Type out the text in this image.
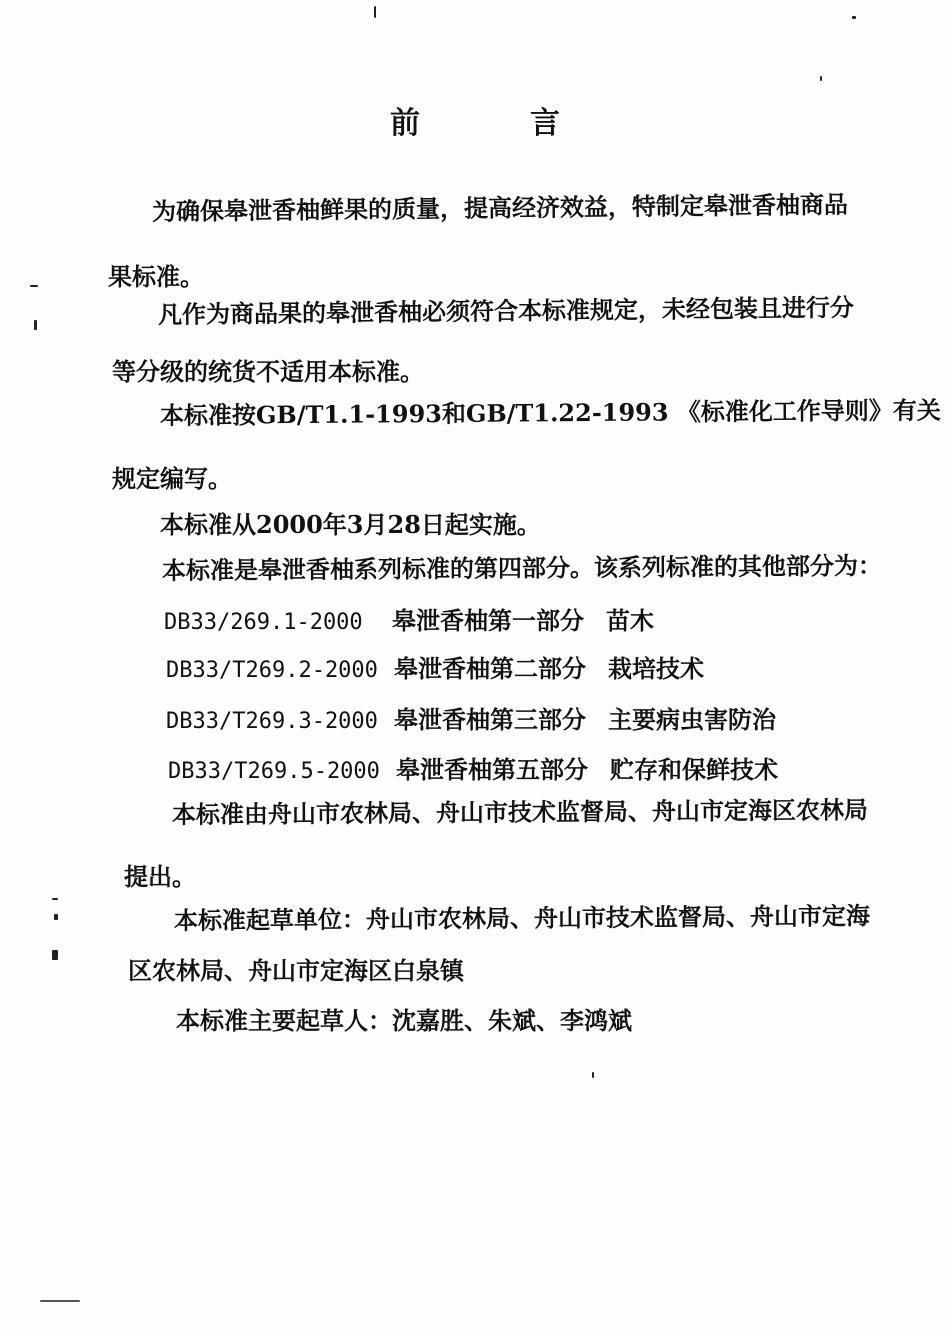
前	言
为确保皋泄香柚鲜果的质量，提高经济效益，特制定皋泄香柚商品
果标准。
凡作为商品果的皋泄香柚必须符合本标准规定，未经包装且进行分
等分级的统货不适用本标准。
本标准按GB/T1.1-1993和GB/T1.22-1993 《标准化工作导则》有关
规定编写。
本标准从2000年3月28日起实施。
本标准是皋泄香柚系列标准的第四部分。该系列标准的其他部分为：
DB33/269.1-2000 皋泄香柚第一部分 苗木
DB33/T269.2-2000 皋泄香柚第二部分 栽培技术
DB33/T269.3-2000 皋泄香柚第三部分 主要病虫害防治
DB33/T269.5-2000 皋泄香柚第五部分 贮存和保鲜技术
本标准由舟山市农林局、舟山市技术监督局、舟山市定海区农林局
提出。
本标准起草单位：舟山市农林局、舟山市技术监督局、舟山市定海
区农林局、舟山市定海区白泉镇
本标准主要起草人：沈嘉胜、朱斌、李鸿斌
